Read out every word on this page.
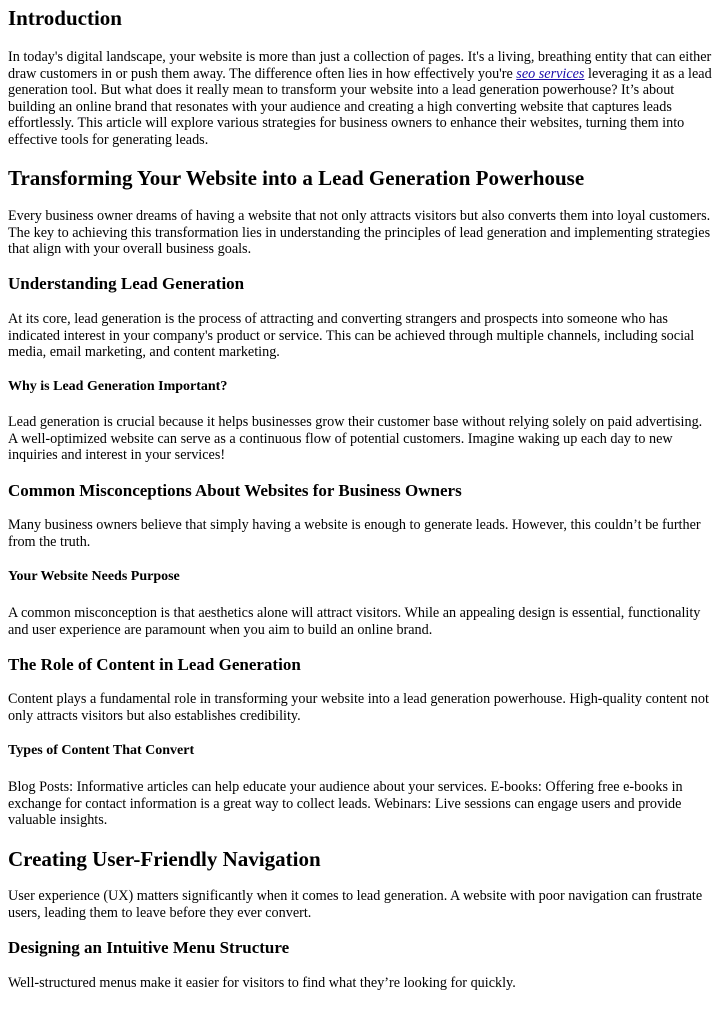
Introduction

In today's digital landscape, your website is more than just a collection of pages. It's a living, breathing entity that can either draw customers in or push them away. The difference often lies in how effectively you're seo services leveraging it as a lead generation tool. But what does it really mean to transform your website into a lead generation powerhouse? It’s about building an online brand that resonates with your audience and creating a high converting website that captures leads effortlessly. This article will explore various strategies for business owners to enhance their websites, turning them into effective tools for generating leads.

Transforming Your Website into a Lead Generation Powerhouse

Every business owner dreams of having a website that not only attracts visitors but also converts them into loyal customers. The key to achieving this transformation lies in understanding the principles of lead generation and implementing strategies that align with your overall business goals.

Understanding Lead Generation

At its core, lead generation is the process of attracting and converting strangers and prospects into someone who has indicated interest in your company's product or service. This can be achieved through multiple channels, including social media, email marketing, and content marketing.

Why is Lead Generation Important?

Lead generation is crucial because it helps businesses grow their customer base without relying solely on paid advertising. A well-optimized website can serve as a continuous flow of potential customers. Imagine waking up each day to new inquiries and interest in your services!

Common Misconceptions About Websites for Business Owners

Many business owners believe that simply having a website is enough to generate leads. However, this couldn’t be further from the truth.

Your Website Needs Purpose

A common misconception is that aesthetics alone will attract visitors. While an appealing design is essential, functionality and user experience are paramount when you aim to build an online brand.

The Role of Content in Lead Generation

Content plays a fundamental role in transforming your website into a lead generation powerhouse. High-quality content not only attracts visitors but also establishes credibility.

Types of Content That Convert

Blog Posts: Informative articles can help educate your audience about your services. E-books: Offering free e-books in exchange for contact information is a great way to collect leads. Webinars: Live sessions can engage users and provide valuable insights.

Creating User-Friendly Navigation

User experience (UX) matters significantly when it comes to lead generation. A website with poor navigation can frustrate users, leading them to leave before they ever convert.

Designing an Intuitive Menu Structure

Well-structured menus make it easier for visitors to find what they’re looking for quickly.
